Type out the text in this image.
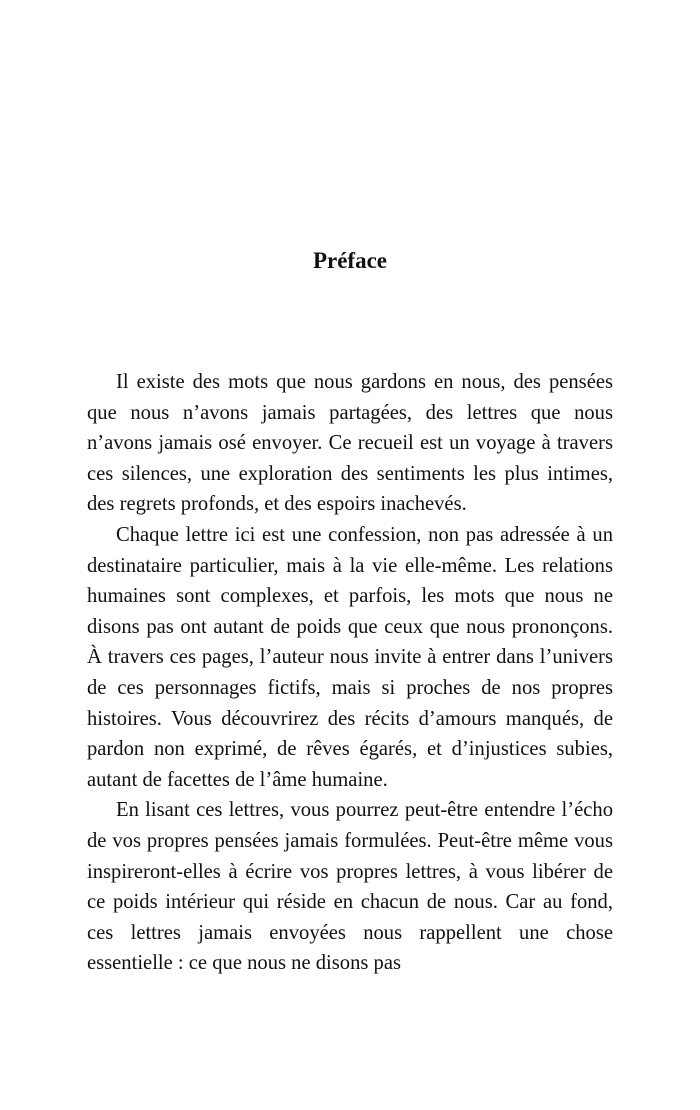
Préface

Il existe des mots que nous gardons en nous, des pensées que nous n’avons jamais partagées, des lettres que nous n’avons jamais osé envoyer. Ce recueil est un voyage à travers ces silences, une exploration des sentiments les plus intimes, des regrets profonds, et des espoirs inachevés.

Chaque lettre ici est une confession, non pas adressée à un destinataire particulier, mais à la vie elle-même. Les relations humaines sont complexes, et parfois, les mots que nous ne disons pas ont autant de poids que ceux que nous prononçons. À travers ces pages, l’auteur nous invite à entrer dans l’univers de ces personnages fictifs, mais si proches de nos propres histoires. Vous découvrirez des récits d’amours manqués, de pardon non exprimé, de rêves égarés, et d’injustices subies, autant de facettes de l’âme humaine.

En lisant ces lettres, vous pourrez peut-être entendre l’écho de vos propres pensées jamais formulées. Peut-être même vous inspireront-elles à écrire vos propres lettres, à vous libérer de ce poids intérieur qui réside en chacun de nous. Car au fond, ces lettres jamais envoyées nous rappellent une chose essentielle : ce que nous ne disons pas
